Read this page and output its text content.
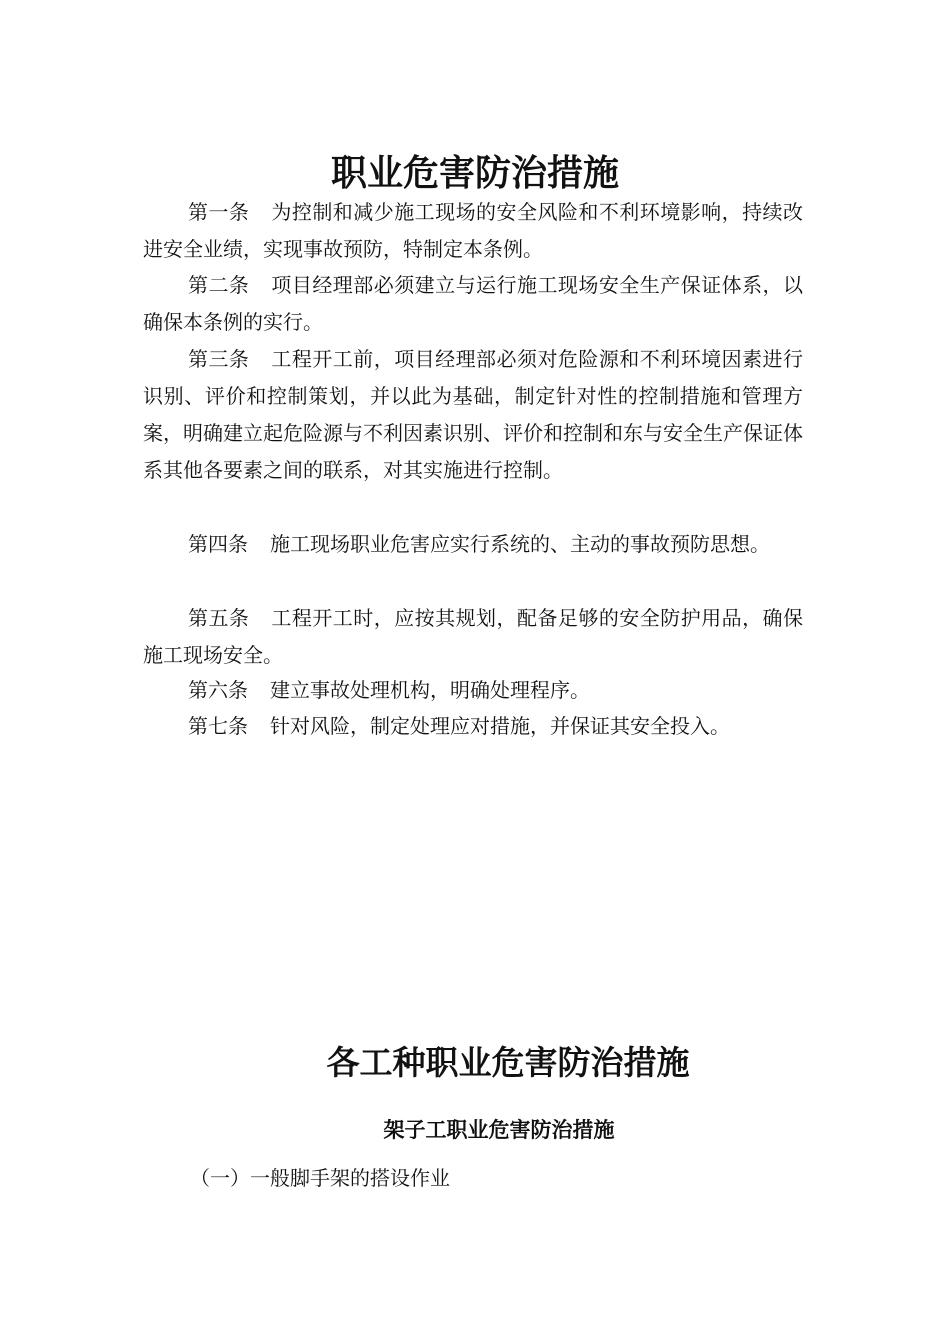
职业危害防治措施

第一条 为控制和减少施工现场的安全风险和不利环境影响，持续改进安全业绩，实现事故预防，特制定本条例。

第二条 项目经理部必须建立与运行施工现场安全生产保证体系，以确保本条例的实行。

第三条 工程开工前，项目经理部必须对危险源和不利环境因素进行识别、评价和控制策划，并以此为基础，制定针对性的控制措施和管理方案，明确建立起危险源与不利因素识别、评价和控制和东与安全生产保证体系其他各要素之间的联系，对其实施进行控制。

第四条 施工现场职业危害应实行系统的、主动的事故预防思想。

第五条 工程开工时，应按其规划，配备足够的安全防护用品，确保施工现场安全。

第六条 建立事故处理机构，明确处理程序。

第七条 针对风险，制定处理应对措施，并保证其安全投入。

各工种职业危害防治措施
架子工职业危害防治措施

（一）一般脚手架的搭设作业
